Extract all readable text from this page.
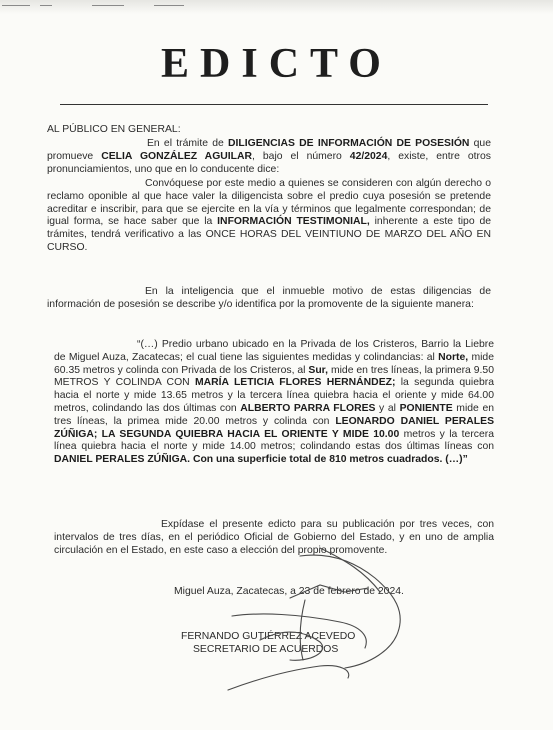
EDICTO
AL PÚBLICO EN GENERAL:

En el trámite de DILIGENCIAS DE INFORMACIÓN DE POSESIÓN que promueve CELIA GONZÁLEZ AGUILAR, bajo el número 42/2024, existe, entre otros pronunciamientos, uno que en lo conducente dice:

Convóquese por este medio a quienes se consideren con algún derecho o reclamo oponible al que hace valer la diligencista sobre el predio cuya posesión se pretende acreditar e inscribir, para que se ejercite en la vía y términos que legalmente correspondan; de igual forma, se hace saber que la INFORMACIÓN TESTIMONIAL, inherente a este tipo de trámites, tendrá verificativo a las ONCE HORAS DEL VEINTIUNO DE MARZO DEL AÑO EN CURSO.

En la inteligencia que el inmueble motivo de estas diligencias de información de posesión se describe y/o identifica por la promovente de la siguiente manera:

“(…) Predio urbano ubicado en la Privada de los Cristeros, Barrio la Liebre de Miguel Auza, Zacatecas; el cual tiene las siguientes medidas y colindancias: al Norte, mide 60.35 metros y colinda con Privada de los Cristeros, al Sur, mide en tres líneas, la primera 9.50 METROS Y COLINDA CON MARÍA LETICIA FLORES HERNÁNDEZ; la segunda quiebra hacia el norte y mide 13.65 metros y la tercera línea quiebra hacia el oriente y mide 64.00 metros, colindando las dos últimas con ALBERTO PARRA FLORES y al PONIENTE mide en tres líneas, la primea mide 20.00 metros y colinda con LEONARDO DANIEL PERALES ZÚÑIGA; LA SEGUNDA QUIEBRA HACIA EL ORIENTE Y MIDE 10.00 metros y la tercera línea quiebra hacia el norte y mide 14.00 metros; colindando estas dos últimas líneas con DANIEL PERALES ZÚÑIGA. Con una superficie total de 810 metros cuadrados. (…)”

Expídase el presente edicto para su publicación por tres veces, con intervalos de tres días, en el periódico Oficial de Gobierno del Estado, y en uno de amplia circulación en el Estado, en este caso a elección del propio promovente.

Miguel Auza, Zacatecas, a 23 de febrero de 2024.
FERNANDO GUTIÉRREZ ACEVEDO
SECRETARIO DE ACUERDOS
